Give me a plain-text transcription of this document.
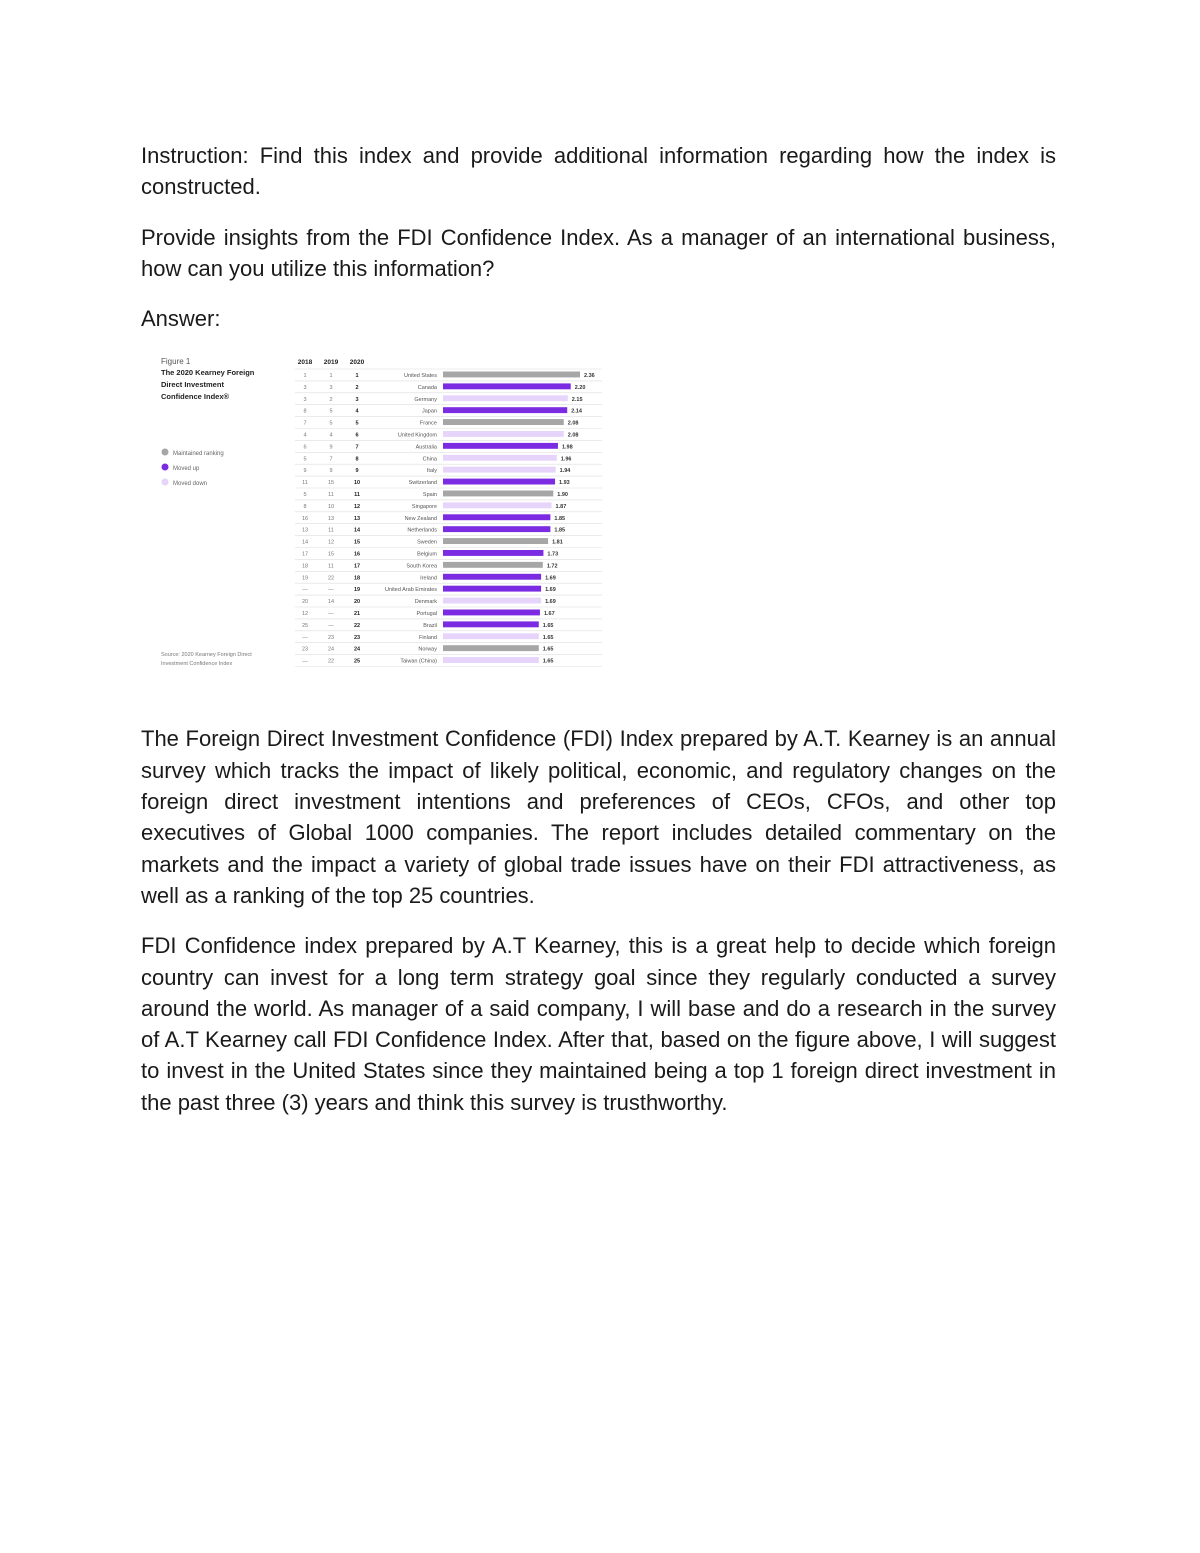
Instruction: Find this index and provide additional information regarding how the index is constructed.

Provide insights from the FDI Confidence Index. As a manager of an international business, how can you utilize this information?

Answer:

Figure 1
The 2020 Kearney Foreign
Direct Investment
Confidence Index®
Maintained ranking
Moved up
Moved down
Source: 2020 Kearney Foreign Direct
Investment Confidence Index
2018 2019 2020
1	1	1	United States	2.36
3	3	2	Canada	2.20
3	2	3	Germany	2.15
8	5	4	Japan	2.14
7	5	5	France	2.08
4	4	6	United Kingdom	2.08
6	9	7	Australia	1.98
5	7	8	China	1.96
9	9	9	Italy	1.94
11	15	10	Switzerland	1.93
5	11	11	Spain	1.90
8	10	12	Singapore	1.87
16	13	13	New Zealand	1.85
13	11	14	Netherlands	1.85
14	12	15	Sweden	1.81
17	15	16	Belgium	1.73
18	11	17	South Korea	1.72
19	22	18	Ireland	1.69
—	—	19	United Arab Emirates	1.69
20	14	20	Denmark	1.69
12	—	21	Portugal	1.67
25	—	22	Brazil	1.65
—	23	23	Finland	1.65
23	24	24	Norway	1.65
—	22	25	Taiwan (China)	1.65

The Foreign Direct Investment Confidence (FDI) Index prepared by A.T. Kearney is an annual survey which tracks the impact of likely political, economic, and regulatory changes on the foreign direct investment intentions and preferences of CEOs, CFOs, and other top executives of Global 1000 companies. The report includes detailed commentary on the markets and the impact a variety of global trade issues have on their FDI attractiveness, as well as a ranking of the top 25 countries.

FDI Confidence index prepared by A.T Kearney, this is a great help to decide which foreign country can invest for a long term strategy goal since they regularly conducted a survey around the world. As manager of a said company, I will base and do a research in the survey of A.T Kearney call FDI Confidence Index. After that, based on the figure above, I will suggest to invest in the United States since they maintained being a top 1 foreign direct investment in the past three (3) years and think this survey is trusthworthy.
